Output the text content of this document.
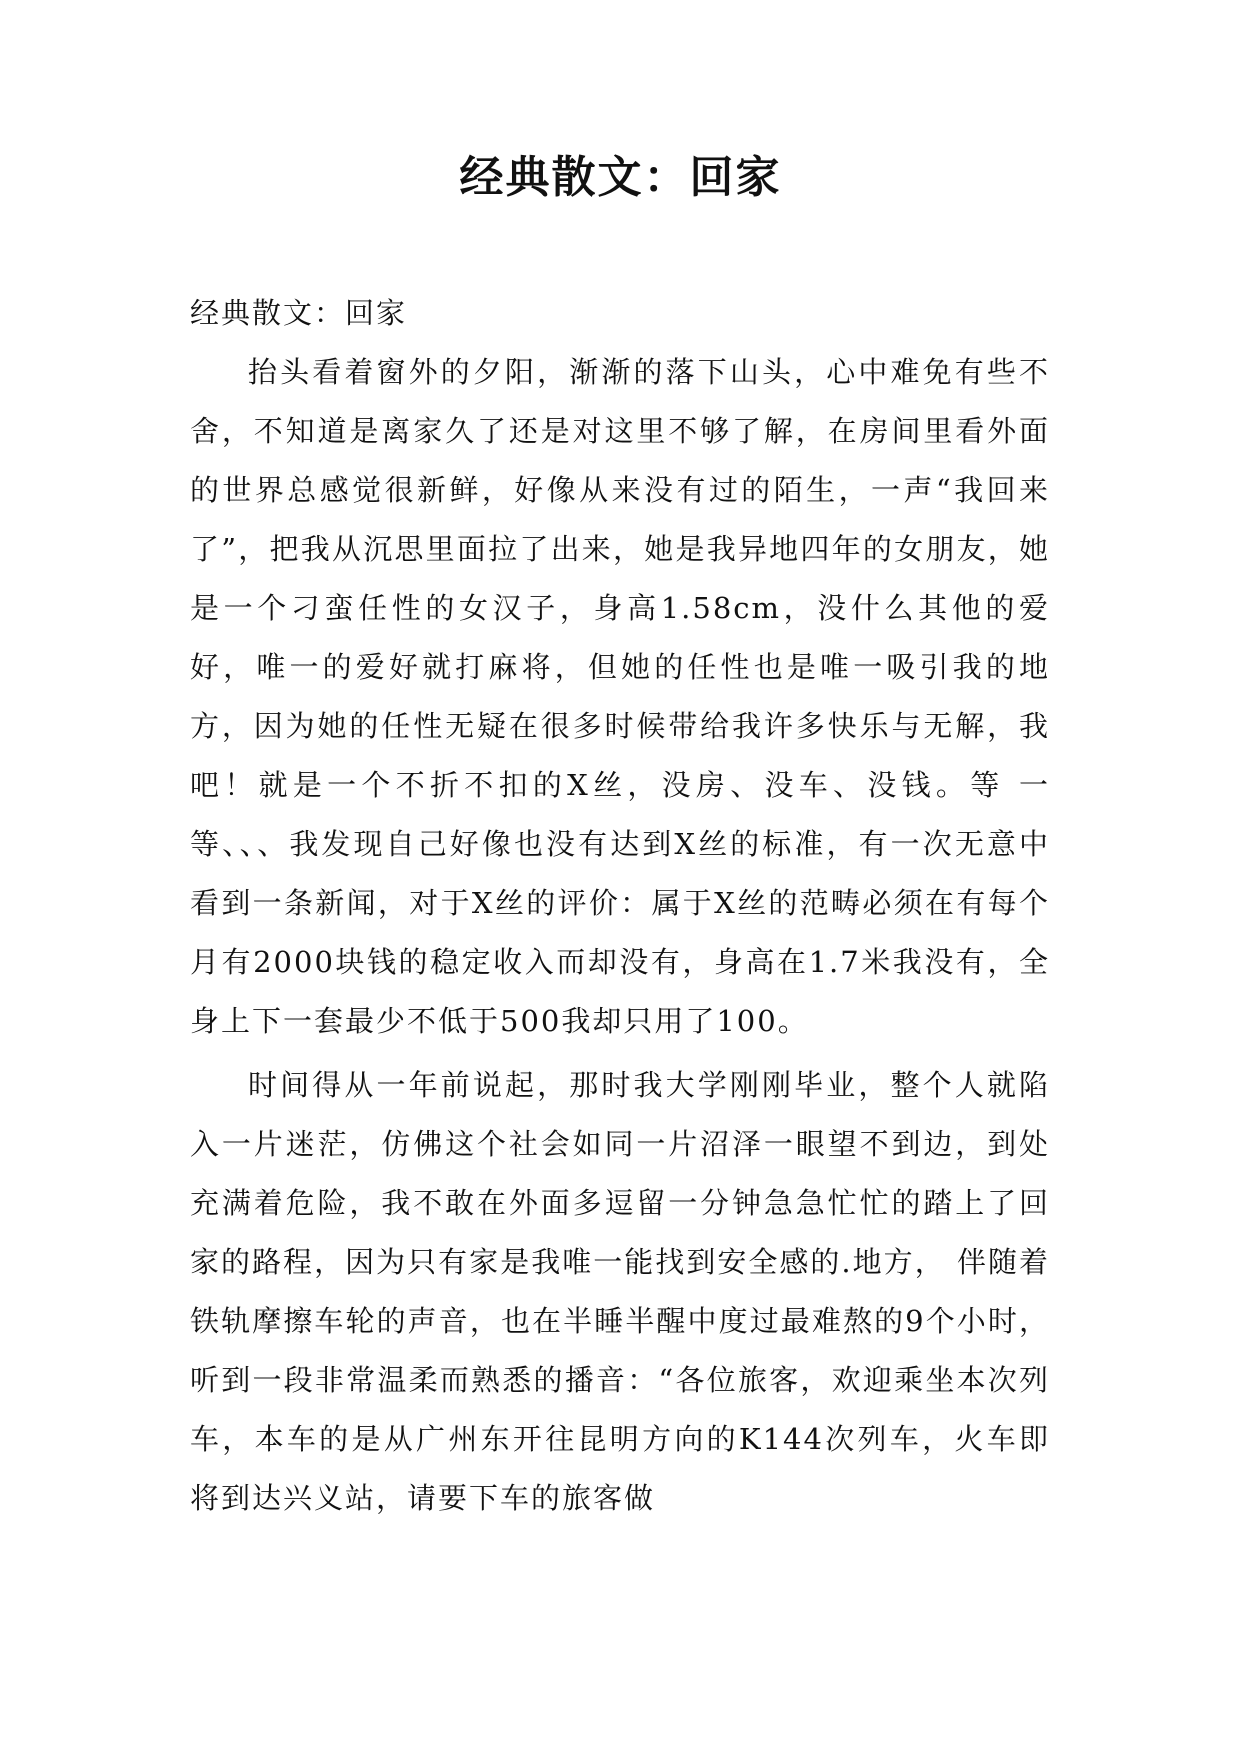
经典散文：回家

经典散文：回家

抬头看着窗外的夕阳，渐渐的落下山头，心中难免有些不舍，不知道是离家久了还是对这里不够了解，在房间里看外面的世界总感觉很新鲜，好像从来没有过的陌生，一声“我回来了”，把我从沉思里面拉了出来，她是我异地四年的女朋友，她是一个刁蛮任性的女汉子，身高1.58cm，没什么其他的爱好，唯一的爱好就打麻将，但她的任性也是唯一吸引我的地方，因为她的任性无疑在很多时候带给我许多快乐与无解，我吧！就是一个不折不扣的X丝，没房、没车、没钱。等 一 等、、、我发现自己好像也没有达到X丝的标准，有一次无意中看到一条新闻，对于X丝的评价：属于X丝的范畴必须在有每个月有2000块钱的稳定收入而却没有，身高在1.7米我没有，全身上下一套最少不低于500我却只用了100。

时间得从一年前说起，那时我大学刚刚毕业，整个人就陷入一片迷茫，仿佛这个社会如同一片沼泽一眼望不到边，到处充满着危险，我不敢在外面多逗留一分钟急急忙忙的踏上了回家的路程，因为只有家是我唯一能找到安全感的.地方， 伴随着铁轨摩擦车轮的声音，也在半睡半醒中度过最难熬的9个小时，听到一段非常温柔而熟悉的播音：“各位旅客，欢迎乘坐本次列车，本车的是从广州东开往昆明方向的K144次列车，火车即将到达兴义站，请要下车的旅客做
